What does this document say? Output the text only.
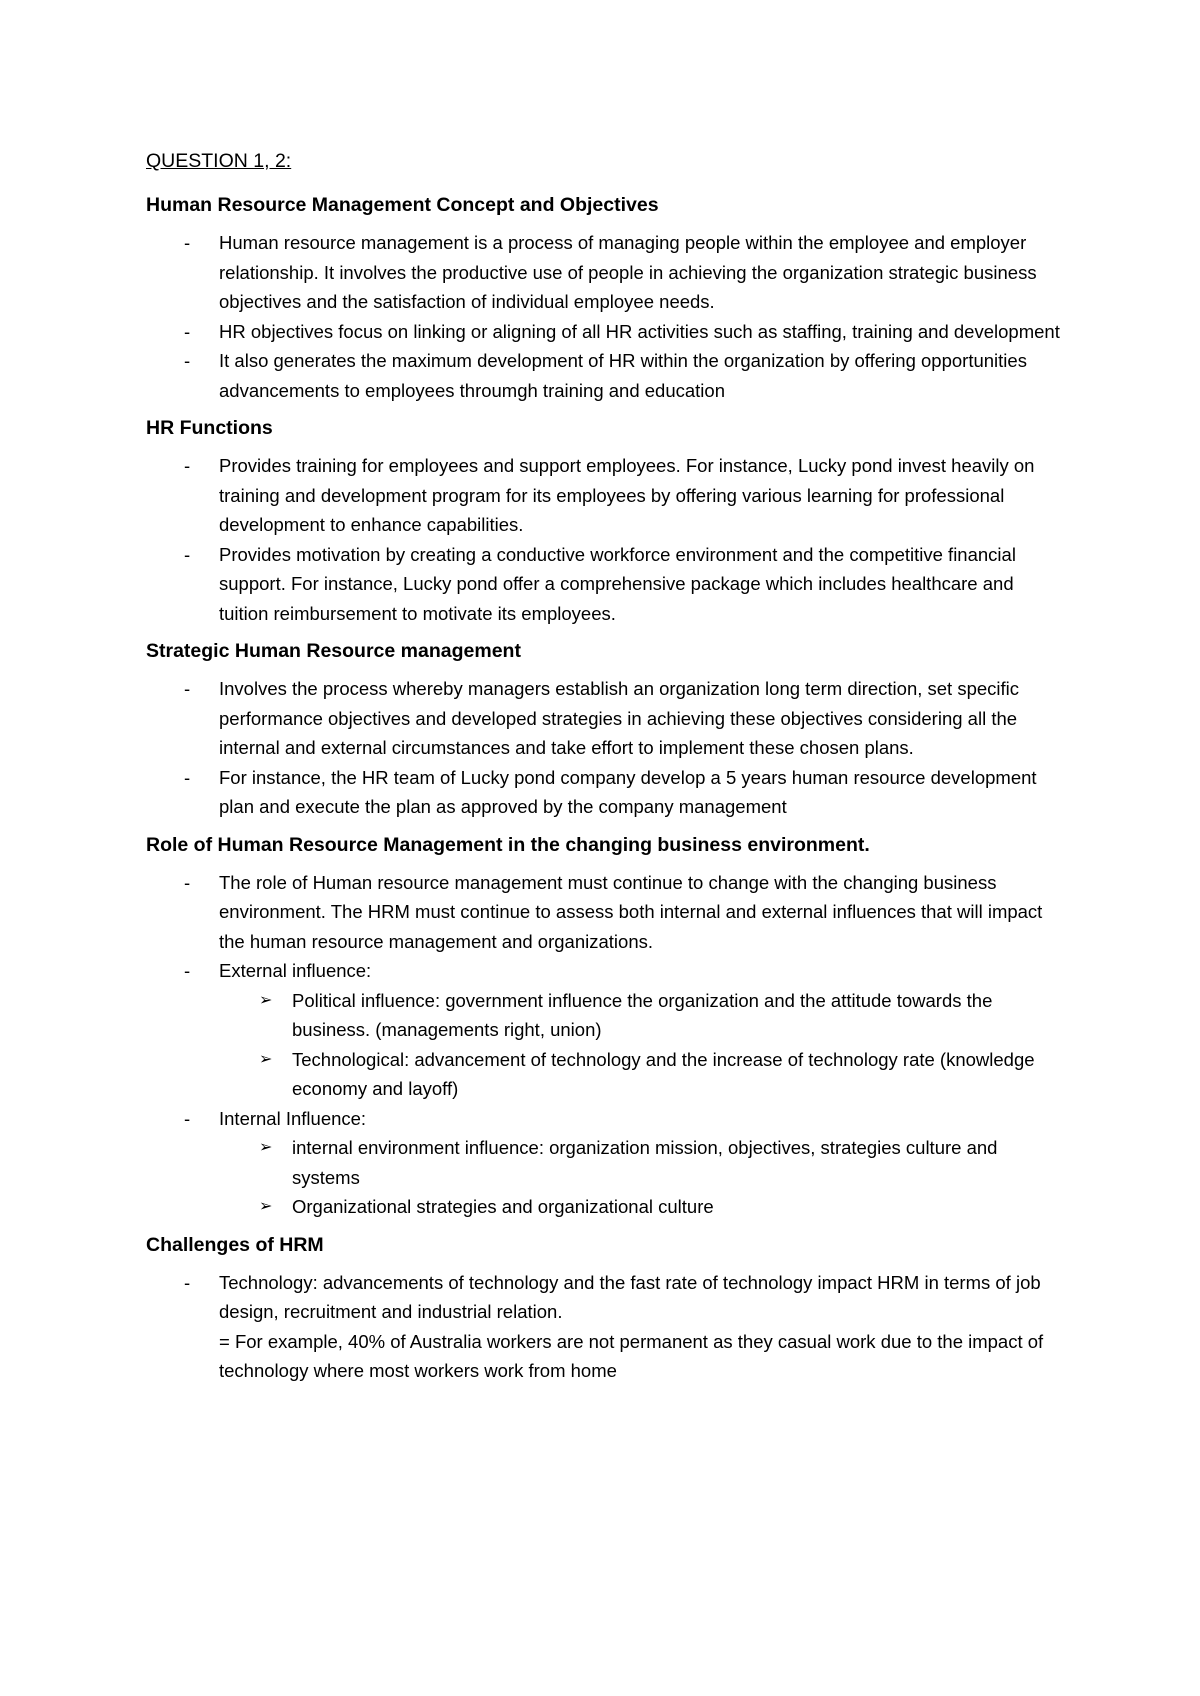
QUESTION 1, 2:
Human Resource Management Concept and Objectives
- Human resource management is a process of managing people within the employee and employer relationship. It involves the productive use of people in achieving the organization strategic business objectives and the satisfaction of individual employee needs.
- HR objectives focus on linking or aligning of all HR activities such as staffing, training and development
- It also generates the maximum development of HR within the organization by offering opportunities advancements to employees throumgh training and education
HR Functions
- Provides training for employees and support employees. For instance, Lucky pond invest heavily on training and development program for its employees by offering various learning for professional development to enhance capabilities.
- Provides motivation by creating a conductive workforce environment and the competitive financial support. For instance, Lucky pond offer a comprehensive package which includes healthcare and tuition reimbursement to motivate its employees.
Strategic Human Resource management
- Involves the process whereby managers establish an organization long term direction, set specific performance objectives and developed strategies in achieving these objectives considering all the internal and external circumstances and take effort to implement these chosen plans.
- For instance, the HR team of Lucky pond company develop a 5 years human resource development plan and execute the plan as approved by the company management
Role of Human Resource Management in the changing business environment.
- The role of Human resource management must continue to change with the changing business environment. The HRM must continue to assess both internal and external influences that will impact the human resource management and organizations.
- External influence:
➢ Political influence: government influence the organization and the attitude towards the business. (managements right, union)
➢ Technological: advancement of technology and the increase of technology rate (knowledge economy and layoff)
- Internal Influence:
➢ internal environment influence: organization mission, objectives, strategies culture and systems
➢ Organizational strategies and organizational culture
Challenges of HRM
- Technology: advancements of technology and the fast rate of technology impact HRM in terms of job design, recruitment and industrial relation.
= For example, 40% of Australia workers are not permanent as they casual work due to the impact of technology where most workers work from home
